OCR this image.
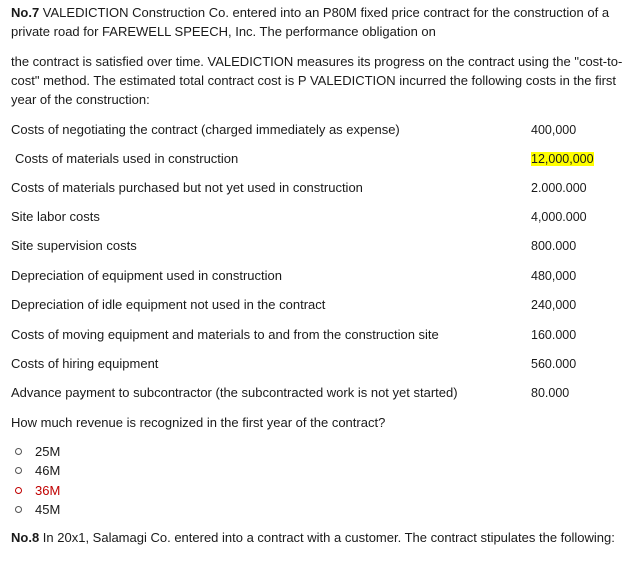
No.7 VALEDICTION Construction Co. entered into an P80M fixed price contract for the construction of a
private road for FAREWELL SPEECH, Inc. The performance obligation on
the contract is satisfied over time. VALEDICTION measures its progress on the contract using the "cost-to-
cost" method. The estimated total contract cost is P VALEDICTION incurred the following costs in the first
year of the construction:
Costs of negotiating the contract (charged immediately as expense)	400,000
Costs of materials used in construction	12,000,000
Costs of materials purchased but not yet used in construction	2.000.000
Site labor costs	4,000.000
Site supervision costs	800.000
Depreciation of equipment used in construction	480,000
Depreciation of idle equipment not used in the contract	240,000
Costs of moving equipment and materials to and from the construction site	160.000
Costs of hiring equipment	560.000
Advance payment to subcontractor (the subcontracted work is not yet started)	80.000
How much revenue is recognized in the first year of the contract?
25M
46M
36M
45M
No.8 In 20x1, Salamagi Co. entered into a contract with a customer. The contract stipulates the following:
